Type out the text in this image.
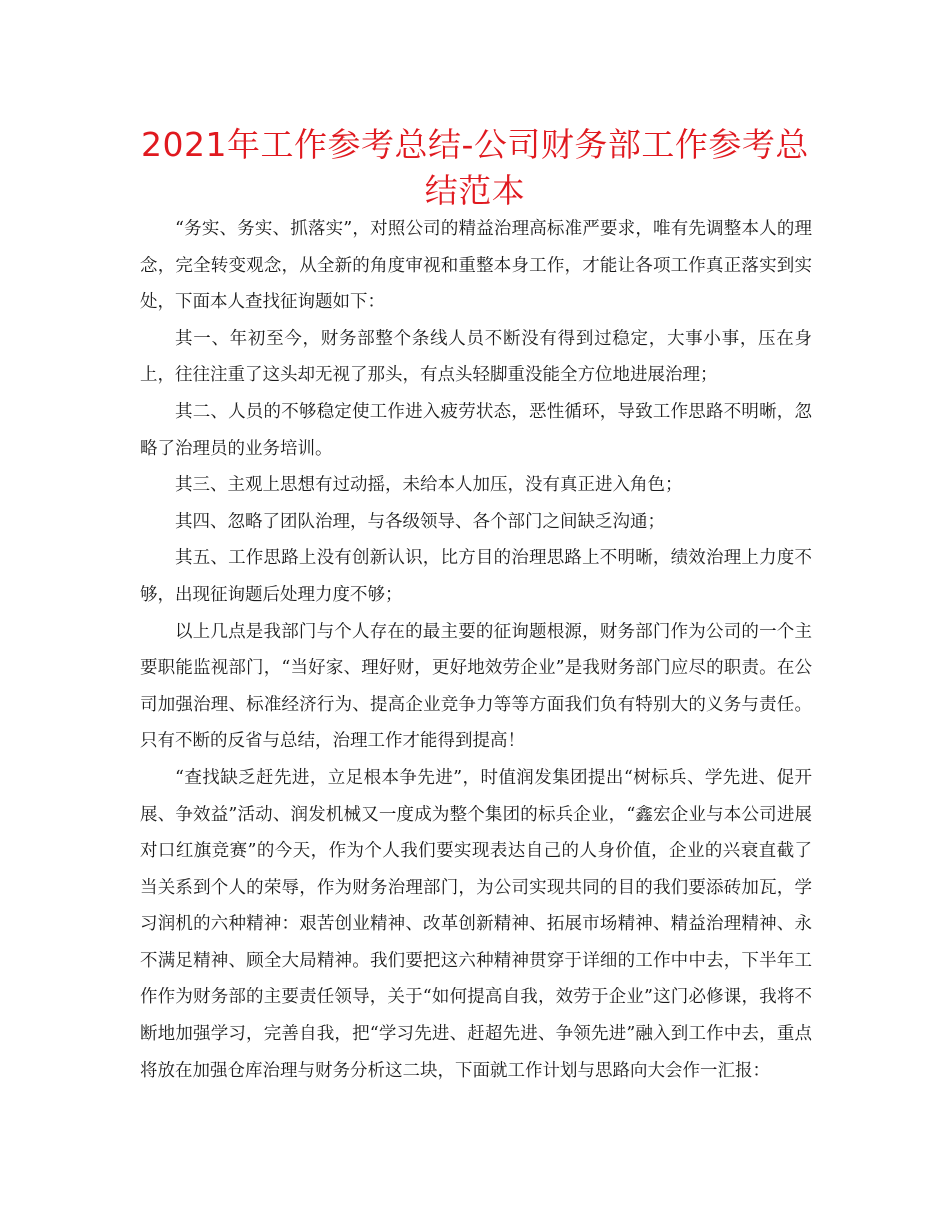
2021年工作参考总结-公司财务部工作参考总结范本

“务实、务实、抓落实”，对照公司的精益治理高标准严要求，唯有先调整本人的理念，完全转变观念，从全新的角度审视和重整本身工作，才能让各项工作真正落实到实处，下面本人查找征询题如下：

其一、年初至今，财务部整个条线人员不断没有得到过稳定，大事小事，压在身上，往往注重了这头却无视了那头，有点头轻脚重没能全方位地进展治理；

其二、人员的不够稳定使工作进入疲劳状态，恶性循环，导致工作思路不明晰，忽略了治理员的业务培训。

其三、主观上思想有过动摇，未给本人加压，没有真正进入角色；

其四、忽略了团队治理，与各级领导、各个部门之间缺乏沟通；

其五、工作思路上没有创新认识，比方目的治理思路上不明晰，绩效治理上力度不够，出现征询题后处理力度不够；

以上几点是我部门与个人存在的最主要的征询题根源，财务部门作为公司的一个主要职能监视部门，“当好家、理好财，更好地效劳企业”是我财务部门应尽的职责。在公司加强治理、标准经济行为、提高企业竞争力等等方面我们负有特别大的义务与责任。只有不断的反省与总结，治理工作才能得到提高！

“查找缺乏赶先进，立足根本争先进”，时值润发集团提出“树标兵、学先进、促开展、争效益”活动、润发机械又一度成为整个集团的标兵企业，“鑫宏企业与本公司进展对口红旗竞赛”的今天，作为个人我们要实现表达自己的人身价值，企业的兴衰直截了当关系到个人的荣辱，作为财务治理部门，为公司实现共同的目的我们要添砖加瓦，学习润机的六种精神：艰苦创业精神、改革创新精神、拓展市场精神、精益治理精神、永不满足精神、顾全大局精神。我们要把这六种精神贯穿于详细的工作中中去，下半年工作作为财务部的主要责任领导，关于“如何提高自我，效劳于企业”这门必修课，我将不断地加强学习，完善自我，把“学习先进、赶超先进、争领先进”融入到工作中去，重点将放在加强仓库治理与财务分析这二块，下面就工作计划与思路向大会作一汇报：
